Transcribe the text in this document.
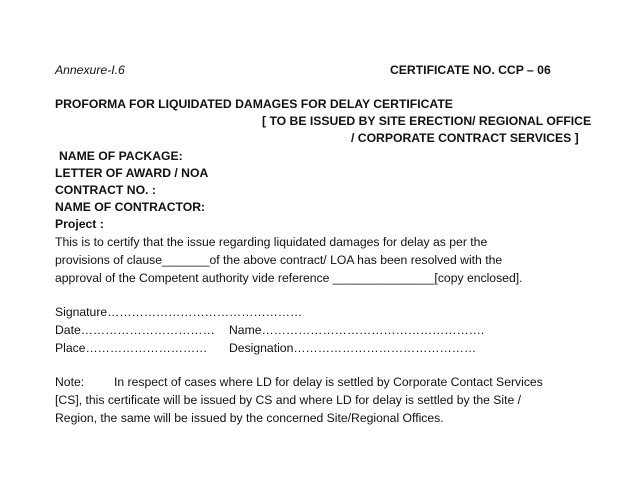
Annexure-I.6	CERTIFICATE NO. CCP – 06
PROFORMA FOR LIQUIDATED DAMAGES FOR DELAY CERTIFICATE
[ TO BE ISSUED BY SITE ERECTION/ REGIONAL OFFICE
/ CORPORATE CONTRACT SERVICES ]
NAME OF PACKAGE:
LETTER OF AWARD / NOA
CONTRACT NO. :
NAME OF CONTRACTOR:
Project :
This is to certify that the issue regarding liquidated damages for delay as per the
provisions of clause_______of the above contract/ LOA has been resolved with the
approval of the Competent authority vide reference _______________[copy enclosed].
Signature…………………………………………
Date…………………………… Name……………………………………………….
Place………………………… Designation………………………………………
Note: In respect of cases where LD for delay is settled by Corporate Contact Services
[CS], this certificate will be issued by CS and where LD for delay is settled by the Site /
Region, the same will be issued by the concerned Site/Regional Offices.
